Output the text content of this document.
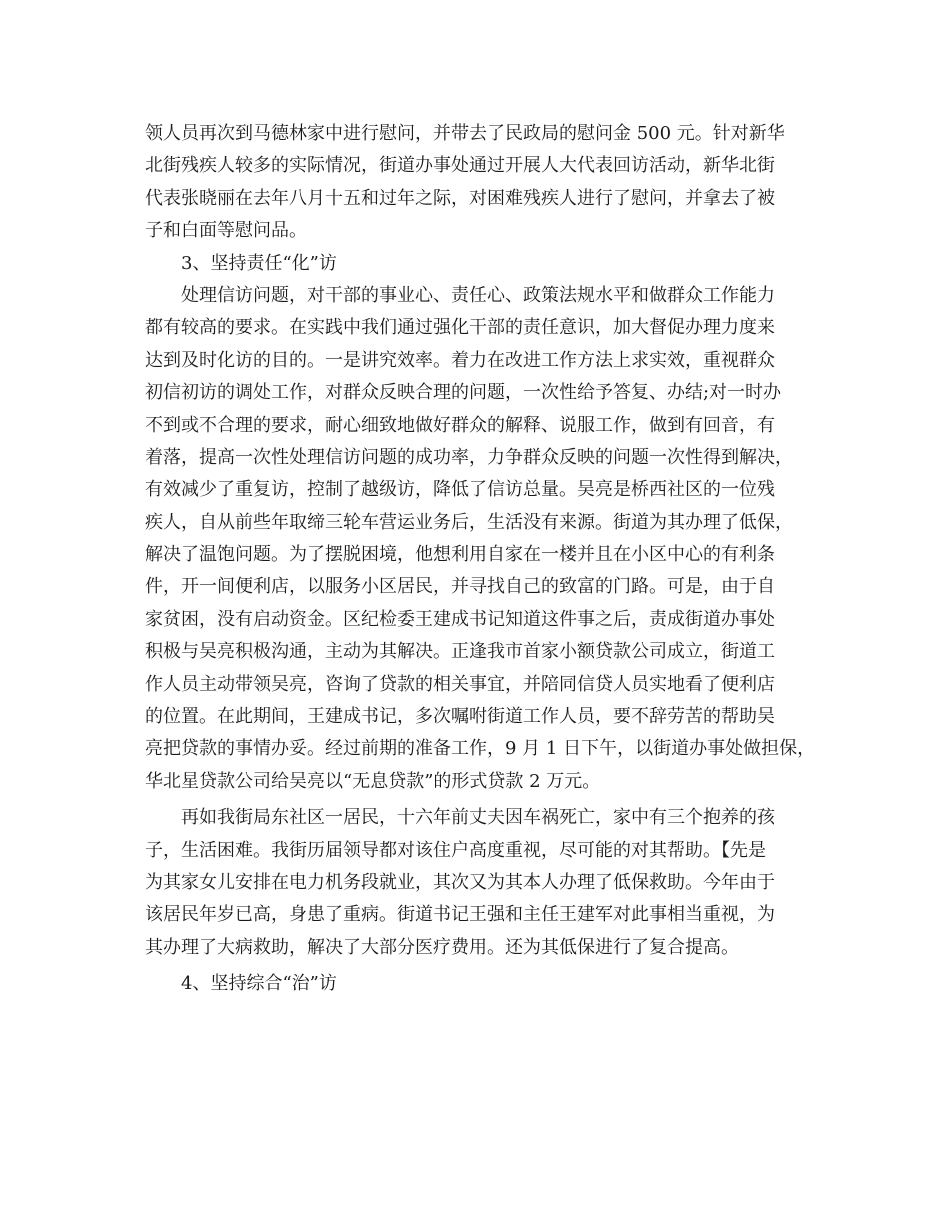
领人员再次到马德林家中进行慰问，并带去了民政局的慰问金 500 元。针对新华
北街残疾人较多的实际情况，街道办事处通过开展人大代表回访活动，新华北街
代表张晓丽在去年八月十五和过年之际，对困难残疾人进行了慰问，并拿去了被
子和白面等慰问品。
3、坚持责任“化”访
处理信访问题，对干部的事业心、责任心、政策法规水平和做群众工作能力
都有较高的要求。在实践中我们通过强化干部的责任意识，加大督促办理力度来
达到及时化访的目的。一是讲究效率。着力在改进工作方法上求实效，重视群众
初信初访的调处工作，对群众反映合理的问题，一次性给予答复、办结;对一时办
不到或不合理的要求，耐心细致地做好群众的解释、说服工作，做到有回音，有
着落，提高一次性处理信访问题的成功率，力争群众反映的问题一次性得到解决，
有效减少了重复访，控制了越级访，降低了信访总量。吴亮是桥西社区的一位残
疾人，自从前些年取缔三轮车营运业务后，生活没有来源。街道为其办理了低保，
解决了温饱问题。为了摆脱困境，他想利用自家在一楼并且在小区中心的有利条
件，开一间便利店，以服务小区居民，并寻找自己的致富的门路。可是，由于自
家贫困，没有启动资金。区纪检委王建成书记知道这件事之后，责成街道办事处
积极与吴亮积极沟通，主动为其解决。正逢我市首家小额贷款公司成立，街道工
作人员主动带领吴亮，咨询了贷款的相关事宜，并陪同信贷人员实地看了便利店
的位置。在此期间，王建成书记，多次嘱咐街道工作人员，要不辞劳苦的帮助吴
亮把贷款的事情办妥。经过前期的准备工作，9 月 1 日下午，以街道办事处做担保，
华北星贷款公司给吴亮以“无息贷款”的形式贷款 2 万元。
再如我街局东社区一居民，十六年前丈夫因车祸死亡，家中有三个抱养的孩
子，生活困难。我街历届领导都对该住户高度重视，尽可能的对其帮助。【先是
为其家女儿安排在电力机务段就业，其次又为其本人办理了低保救助。今年由于
该居民年岁已高，身患了重病。街道书记王强和主任王建军对此事相当重视，为
其办理了大病救助，解决了大部分医疗费用。还为其低保进行了复合提高。
4、坚持综合“治”访
